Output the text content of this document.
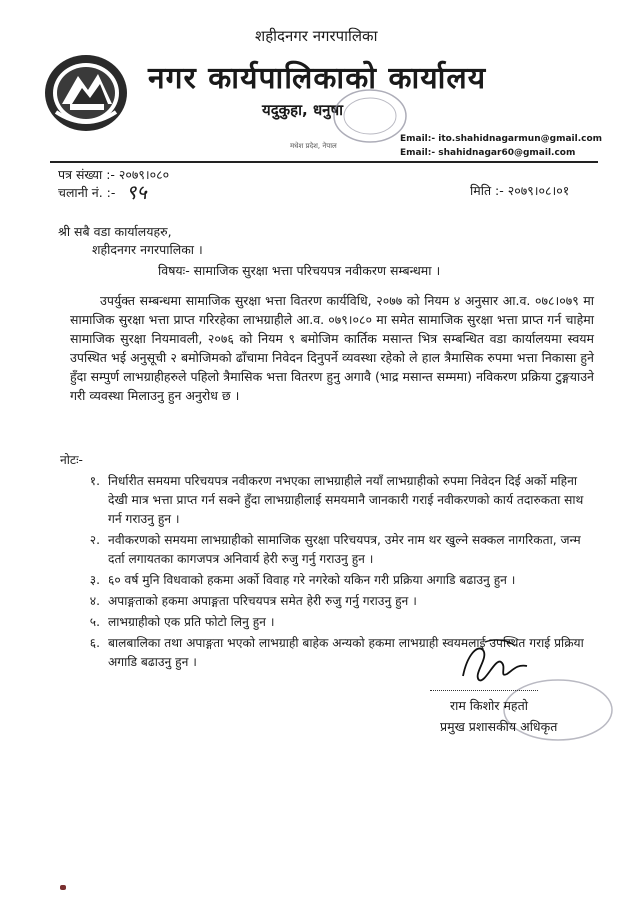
शहीदनगर नगरपालिका
नगर कार्यपालिकाको कार्यालय
यदुकुहा, धनुषा
मधेश प्रदेश, नेपाल
Email:- ito.shahidnagarmun@gmail.com
Email:- shahidnagar60@gmail.com
पत्र संख्या :- २०७९।०८०
चलानी नं. :- ९५	मिति :- २०७९।०८।०१
श्री सबै वडा कार्यालयहरु,
शहीदनगर नगरपालिका ।
विषयः- सामाजिक सुरक्षा भत्ता परिचयपत्र नवीकरण सम्बन्धमा ।
उपर्युक्त सम्बन्धमा सामाजिक सुरक्षा भत्ता वितरण कार्यविधि, २०७७ को नियम ४ अनुसार आ.व. ०७८।०७९ मा सामाजिक सुरक्षा भत्ता प्राप्त गरिरहेका लाभग्राहीले आ.व. ०७९।०८० मा समेत सामाजिक सुरक्षा भत्ता प्राप्त गर्न चाहेमा सामाजिक सुरक्षा नियमावली, २०७६ को नियम ९ बमोजिम कार्तिक मसान्त भित्र सम्बन्धित वडा कार्यालयमा स्वयम उपस्थित भई अनुसूची २ बमोजिमको ढाँचामा निवेदन दिनुपर्ने व्यवस्था रहेको ले हाल त्रैमासिक रुपमा भत्ता निकासा हुने हुँदा सम्पुर्ण लाभग्राहीहरुले पहिलो त्रैमासिक भत्ता वितरण हुनु अगावै (भाद्र मसान्त सम्ममा) नविकरण प्रक्रिया टुङ्गयाउने गरी व्यवस्था मिलाउनु हुन अनुरोध छ ।
नोटः-
१. निर्धारीत समयमा परिचयपत्र नवीकरण नभएका लाभग्राहीले नयाँ लाभग्राहीको रुपमा निवेदन दिई अर्को महिना देखी मात्र भत्ता प्राप्त गर्न सक्ने हुँदा लाभग्राहीलाई समयमानै जानकारी गराई नवीकरणको कार्य तदारुकता साथ गर्न गराउनु हुन ।
२. नवीकरणको समयमा लाभग्राहीको सामाजिक सुरक्षा परिचयपत्र, उमेर नाम थर खुल्ने सक्कल नागरिकता, जन्म दर्ता लगायतका कागजपत्र अनिवार्य हेरी रुजु गर्नु गराउनु हुन ।
३. ६० वर्ष मुनि विधवाको हकमा अर्को विवाह गरे नगरेको यकिन गरी प्रक्रिया अगाडि बढाउनु हुन ।
४. अपाङ्गताको हकमा अपाङ्गता परिचयपत्र समेत हेरी रुजु गर्नु गराउनु हुन ।
५. लाभग्राहीको एक प्रति फोटो लिनु हुन ।
६. बालबालिका तथा अपाङ्गता भएको लाभग्राही बाहेक अन्यको हकमा लाभग्राही स्वयमलाई उपस्थित गराई प्रक्रिया अगाडि बढाउनु हुन ।
राम किशोर महतो
प्रमुख प्रशासकीय अधिकृत
